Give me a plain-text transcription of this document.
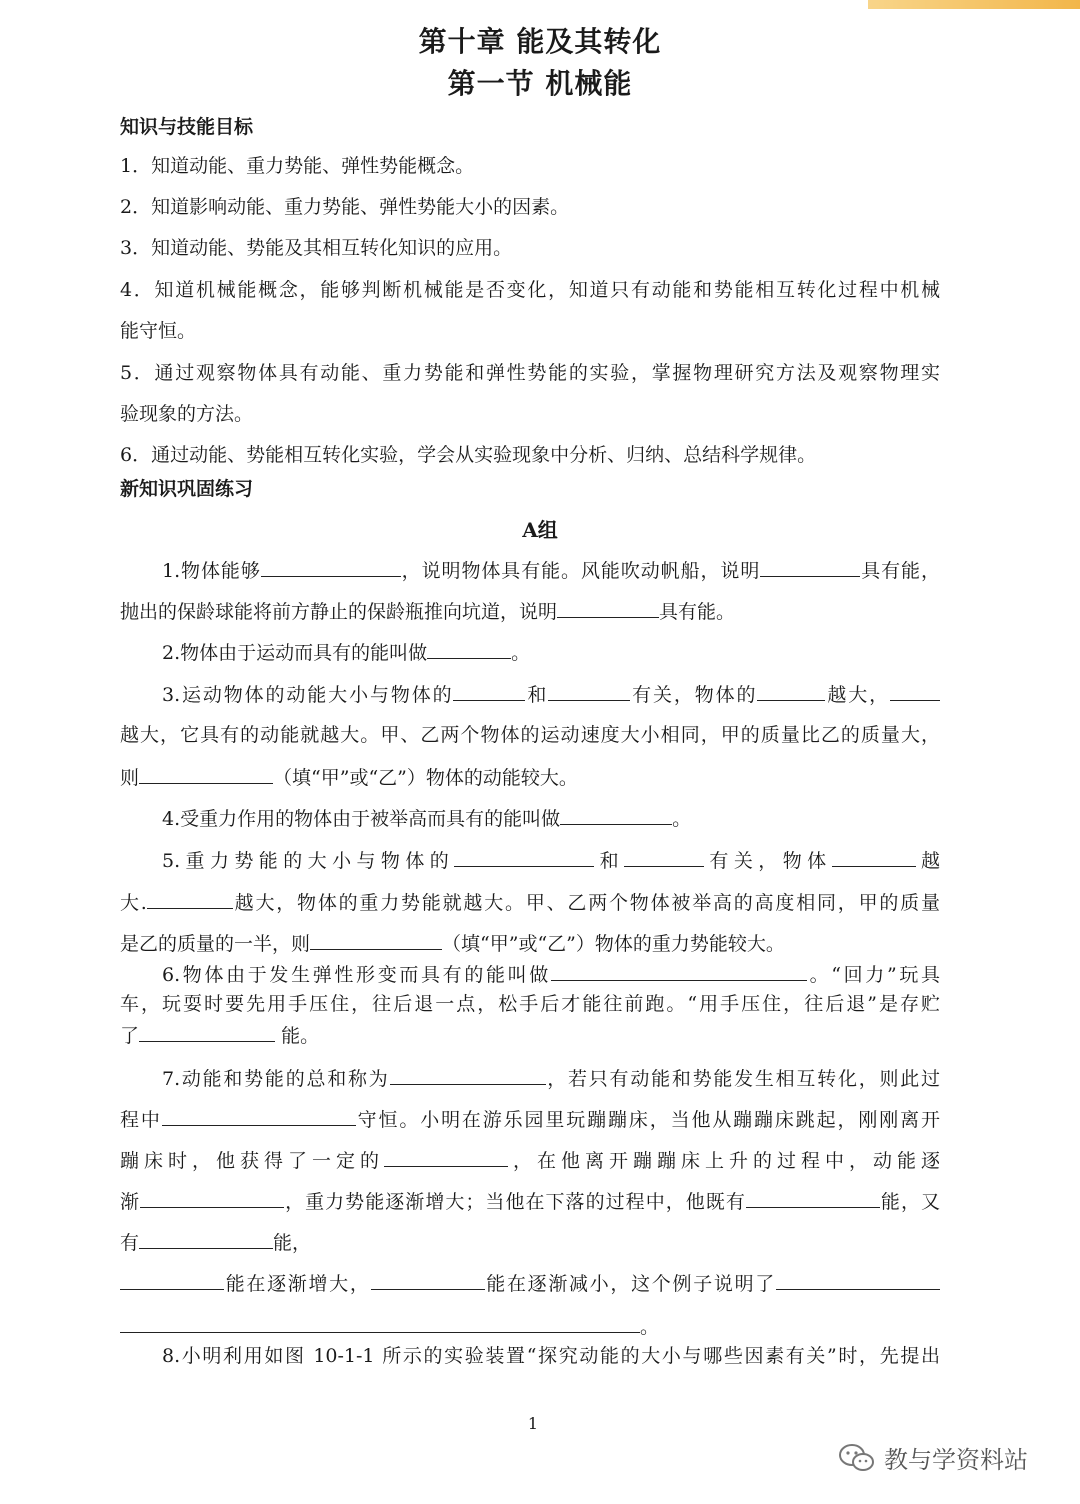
第十章 能及其转化
第一节 机械能
知识与技能目标
1．知道动能、重力势能、弹性势能概念。
2．知道影响动能、重力势能、弹性势能大小的因素。
3．知道动能、势能及其相互转化知识的应用。
4．知道机械能概念，能够判断机械能是否变化，知道只有动能和势能相互转化过程中机械
能守恒。
5．通过观察物体具有动能、重力势能和弹性势能的实验，掌握物理研究方法及观察物理实
验现象的方法。
6．通过动能、势能相互转化实验，学会从实验现象中分析、归纳、总结科学规律。
新知识巩固练习
A组
1.物体能够	，说明物体具有能。风能吹动帆船，说明	具有能，
抛出的保龄球能将前方静止的保龄瓶推向坑道，说明	具有能。
2.物体由于运动而具有的能叫做	。
3.运动物体的动能大小与物体的	和	有关，物体的	越大，
越大，它具有的动能就越大。甲、乙两个物体的运动速度大小相同，甲的质量比乙的质量大，
则	（填“甲”或“乙”）物体的动能较大。
4.受重力作用的物体由于被举高而具有的能叫做	。
5.重力势能的大小与物体的	和	有关，物体	越
大.	越大，物体的重力势能就越大。甲、乙两个物体被举高的高度相同，甲的质量
是乙的质量的一半，则	（填“甲”或“乙”）物体的重力势能较大。
6.物体由于发生弹性形变而具有的能叫做	。“回力”玩具
车，玩耍时要先用手压住，往后退一点，松手后才能往前跑。“用手压住，往后退”是存贮
了	能。
7.动能和势能的总和称为	，若只有动能和势能发生相互转化，则此过
程中	守恒。小明在游乐园里玩蹦蹦床，当他从蹦蹦床跳起，刚刚离开
蹦床时，他获得了一定的	，在他离开蹦蹦床上升的过程中，动能逐
渐	，重力势能逐渐增大；当他在下落的过程中，他既有	能，又
有	能，
能在逐渐增大，	能在逐渐减小，这个例子说明了
。
8.小明利用如图 10-1-1 所示的实验装置“探究动能的大小与哪些因素有关”时，先提出
1
教与学资料站
